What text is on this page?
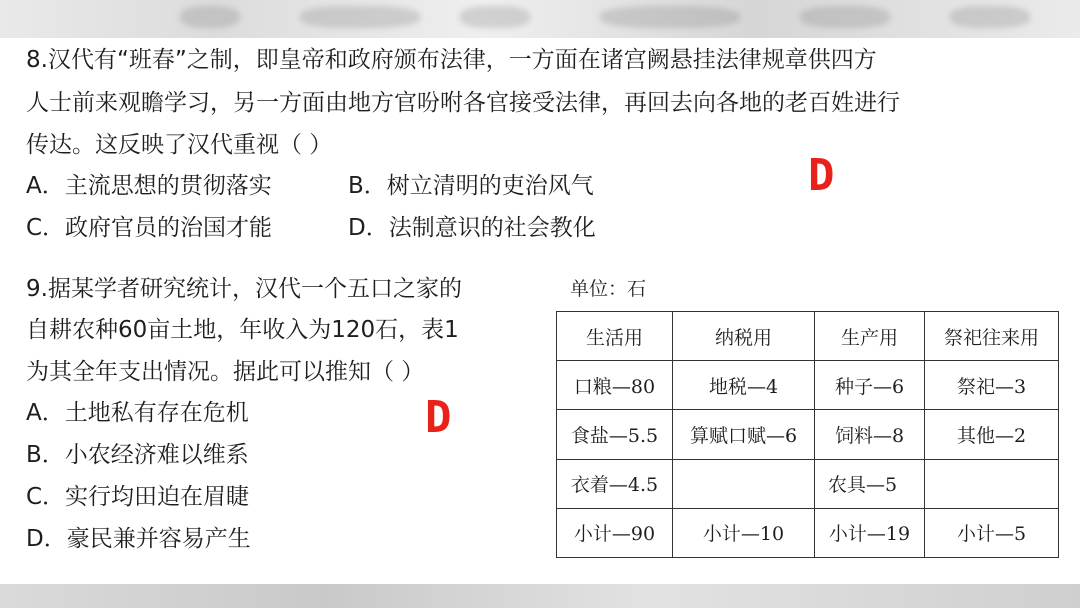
8.汉代有“班春”之制，即皇帝和政府颁布法律，一方面在诸宫阙悬挂法律规章供四方
人士前来观瞻学习，另一方面由地方官吩咐各官接受法律，再回去向各地的老百姓进行
传达。这反映了汉代重视（ ）
A．主流思想的贯彻落实	B．树立清明的吏治风气
C．政府官员的治国才能	D．法制意识的社会教化
D
9.据某学者研究统计，汉代一个五口之家的
自耕农种60亩土地，年收入为120石，表1
为其全年支出情况。据此可以推知（ ）
A．土地私有存在危机
B．小农经济难以维系
C．实行均田迫在眉睫
D．豪民兼并容易产生
D
单位：石
生活用	纳税用	生产用	祭祀往来用
口粮—80	地税—4	种子—6	祭祀—3
食盐—5.5	算赋口赋—6	饲料—8	其他—2
衣着—4.5		农具—5	
小计—90	小计—10	小计—19	小计—5
